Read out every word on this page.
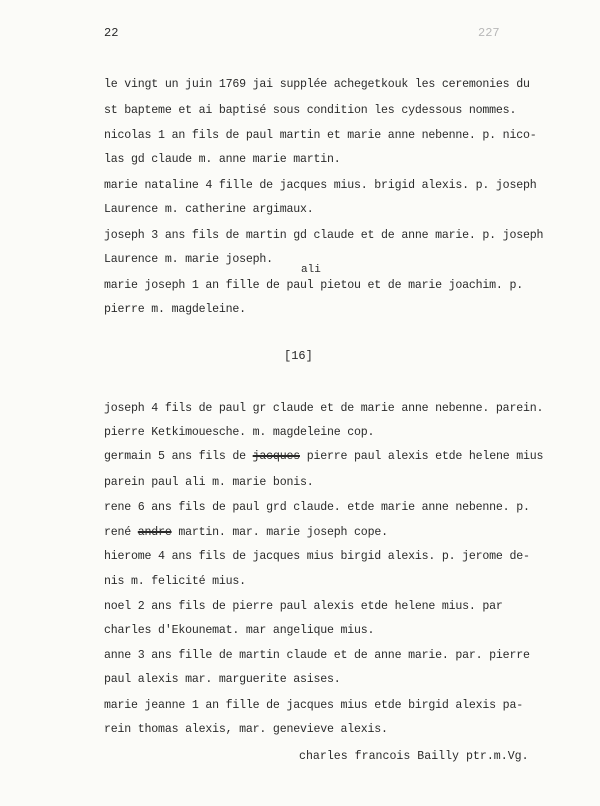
22	227
le vingt un juin 1769 jai supplée achegetkouk les ceremonies du
st bapteme et ai baptisé sous condition les cydessous nommes.
nicolas 1 an fils de paul martin et marie anne nebenne. p. nico-
las gd claude m. anne marie martin.
marie nataline 4 fille de jacques mius. brigid alexis. p. joseph
Laurence m. catherine argimaux.
joseph 3 ans fils de martin gd claude et de anne marie. p. joseph
Laurence m. marie joseph.
ali
marie joseph 1 an fille de paul pietou et de marie joachim. p.
pierre m. magdeleine.
[16]
joseph 4 fils de paul gr claude et de marie anne nebenne. parein.
pierre Ketkimouesche. m. magdeleine cop.
germain 5 ans fils de jacques pierre paul alexis etde helene mius
parein paul ali m. marie bonis.
rene 6 ans fils de paul grd claude. etde marie anne nebenne. p.
rené andre martin. mar. marie joseph cope.
hierome 4 ans fils de jacques mius birgid alexis. p. jerome de-
nis m. felicité mius.
noel 2 ans fils de pierre paul alexis etde helene mius. par
charles d'Ekounemat. mar angelique mius.
anne 3 ans fille de martin claude et de anne marie. par. pierre
paul alexis mar. marguerite asises.
marie jeanne 1 an fille de jacques mius etde birgid alexis pa-
rein thomas alexis, mar. genevieve alexis.
charles francois Bailly ptr.m.Vg.
